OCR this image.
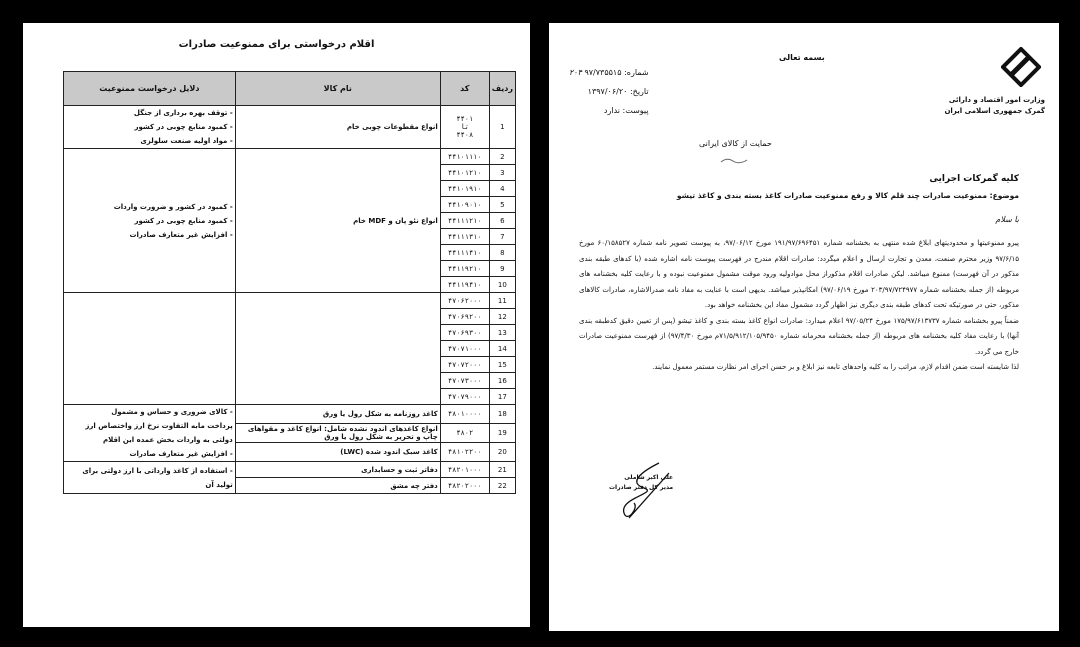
اقلام درخواستی برای ممنوعیت صادرات
ردیف	کد	نام کالا	دلایل درخواست ممنوعیت
1	۴۴۰۱
تا
۴۴۰۸	انواع مقطوعات چوبی خام	- توقف بهره برداری از جنگل
- کمبود منابع چوبی در کشور
- مواد اولیه صنعت سلولزی
2	۴۴۱۰۱۱۱۰	انواع نئو پان و MDF خام	- کمبود در کشور و ضرورت واردات
- کمبود منابع چوبی در کشور
- افزایش غیر متعارف صادرات
3	۴۴۱۰۱۲۱۰		
4	۴۴۱۰۱۹۱۰		
5	۴۴۱۰۹۰۱۰		
6	۴۴۱۱۱۲۱۰		
7	۴۴۱۱۱۳۱۰		
8	۴۴۱۱۱۴۱۰		
9	۴۴۱۱۹۲۱۰		
10	۴۴۱۱۹۴۱۰		
11	۴۷۰۶۲۰۰۰		
12	۴۷۰۶۹۲۰۰		
13	۴۷۰۶۹۳۰۰		
14	۴۷۰۷۱۰۰۰		
15	۴۷۰۷۲۰۰۰		
16	۴۷۰۷۳۰۰۰		
17	۴۷۰۷۹۰۰۰		
18	۴۸۰۱۰۰۰۰	کاغذ روزنامه به شکل رول یا ورق	- کالای ضروری و حساس و مشمول
پرداخت مابه التفاوت نرخ ارز واختصاص ارز دولتی به واردات بخش عمده این اقلام
- افزایش غیر متعارف صادرات

19	۴۸۰۲	انواع کاغذهای اندود نشده شامل: انواع کاغذ و مقواهای چاپ و تحریر به شکل رول یا ورق	
20	۴۸۱۰۲۲۰۰	کاغذ سبک اندود شده (LWC)	
21	۴۸۲۰۱۰۰۰	دفاتر ثبت و حسابداری	- استفاده از کاغذ وارداتی با ارز دولتی برای تولید آن

22	۴۸۲۰۲۰۰۰	دفتر چه مشق	
وزارت امور اقتصاد و دارائی
گمرک جمهوری اسلامی ایران
بسمه تعالی
شماره: ۹۷/۷۳۵۵۱۵ ۲۰۴
تاریخ: ۱۳۹۷/۰۶/۲۰
پیوست: ندارد
حمایت از کالای ایرانی
کلیه گمرکات اجرایی
موضوع: ممنوعیت صادرات چند قلم کالا و رفع ممنوعیت صادرات کاغذ بسته بندی و کاغذ تیشو
با سلام

پیرو ممنوعیتها و محدودیتهای ابلاغ شده منتهی به بخشنامه شماره ۱۹۱/۹۷/۶۹۶۴۵۱ مورخ ۹۷/۰۶/۱۲، به پیوست تصویر نامه شماره ۶۰/۱۵۸۵۲۷ مورخ ۹۷/۶/۱۵ وزیر محترم صنعت، معدن و تجارت ارسال و اعلام میگردد: صادرات اقلام مندرج در فهرست پیوست نامه اشاره شده (با کدهای طبقه بندی مذکور در آن فهرست) ممنوع میباشد. لیکن صادرات اقلام مذکوراز محل موادولیه ورود موقت مشمول ممنوعیت نبوده و با رعایت کلیه بخشنامه های مربوطه (از جمله بخشنامه شماره ۲۰۳/۹۷/۷۲۴۹۷۷ مورخ ۹۷/۰۶/۱۹) امکانپذیر میباشد. بدیهی است با عنایت به مفاد نامه صدرالاشاره، صادرات کالاهای مذکور، حتی در صورتیکه تحت کدهای طبقه بندی دیگری نیز اظهار گردد مشمول مفاد این بخشنامه خواهد بود.

ضمناً پیرو بخشنامه شماره ۱۷۵/۹۷/۶۱۳۷۳۷ مورخ ۹۷/۰۵/۲۴ اعلام میدارد: صادرات انواع کاغذ بسته بندی و کاغذ تیشو (پس از تعیین دقیق کدطبقه بندی آنها) با رعایت مفاد کلیه بخشنامه های مربوطه (از جمله بخشنامه محرمانه شماره ۷۱/۵/۹۱۲/۱۰۵/۹۴۵۰م مورخ ۹۷/۴/۳۰) از فهرست ممنوعیت صادرات خارج می گردد.

لذا شایسته است ضمن اقدام لازم، مراتب را به کلیه واحدهای تابعه نیز ابلاغ و بر حسن اجرای امر نظارت مستمر معمول نمایند.

علی اکبر شاملی
مدیر کل دفتر صادرات
